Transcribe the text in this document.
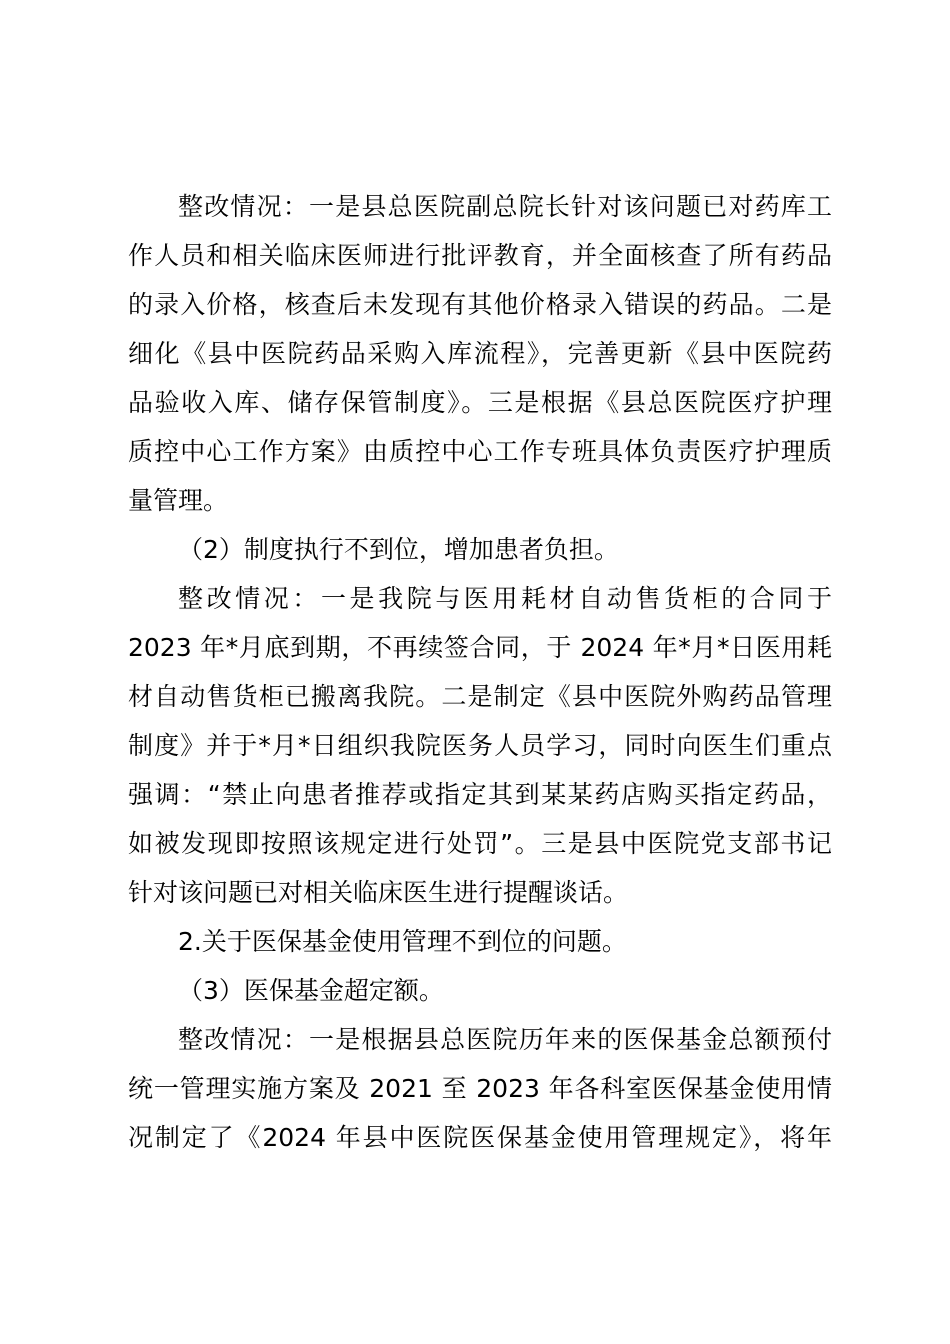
整改情况：一是县总医院副总院长针对该问题已对药库工
作人员和相关临床医师进行批评教育，并全面核查了所有药品
的录入价格，核查后未发现有其他价格录入错误的药品。二是
细化《县中医院药品采购入库流程》，完善更新《县中医院药
品验收入库、储存保管制度》。三是根据《县总医院医疗护理
质控中心工作方案》由质控中心工作专班具体负责医疗护理质
量管理。
（2）制度执行不到位，增加患者负担。
整改情况：一是我院与医用耗材自动售货柜的合同于
2023 年*月底到期，不再续签合同，于 2024 年*月*日医用耗
材自动售货柜已搬离我院。二是制定《县中医院外购药品管理
制度》并于*月*日组织我院医务人员学习，同时向医生们重点
强调：“禁止向患者推荐或指定其到某某药店购买指定药品，
如被发现即按照该规定进行处罚”。三是县中医院党支部书记
针对该问题已对相关临床医生进行提醒谈话。
2.关于医保基金使用管理不到位的问题。
（3）医保基金超定额。
整改情况：一是根据县总医院历年来的医保基金总额预付
统一管理实施方案及 2021 至 2023 年各科室医保基金使用情
况制定了《2024 年县中医院医保基金使用管理规定》，将年
